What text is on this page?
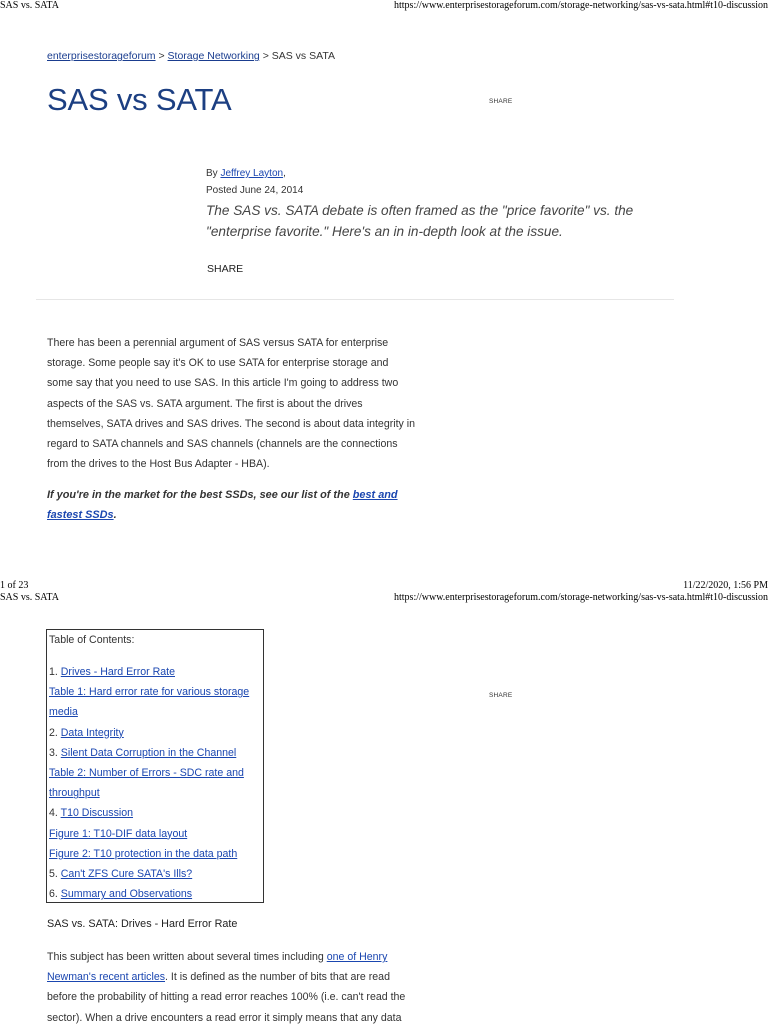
SAS vs. SATA	https://www.enterprisestorageforum.com/storage-networking/sas-vs-sata.html#t10-discussion
enterprisestorageforum > Storage Networking > SAS vs SATA
SAS vs SATA	SHARE
By Jeffrey Layton,
Posted June 24, 2014
The SAS vs. SATA debate is often framed as the "price favorite" vs. the "enterprise favorite." Here's an in in-depth look at the issue.
SHARE
There has been a perennial argument of SAS versus SATA for enterprise storage. Some people say it's OK to use SATA for enterprise storage and some say that you need to use SAS. In this article I'm going to address two aspects of the SAS vs. SATA argument. The first is about the drives themselves, SATA drives and SAS drives. The second is about data integrity in regard to SATA channels and SAS channels (channels are the connections from the drives to the Host Bus Adapter - HBA).
If you're in the market for the best SSDs, see our list of the best and fastest SSDs.
1 of 23	11/22/2020, 1:56 PM
SAS vs. SATA	https://www.enterprisestorageforum.com/storage-networking/sas-vs-sata.html#t10-discussion
SHARE
Table of Contents:
1. Drives - Hard Error Rate
Table 1: Hard error rate for various storage media
2. Data Integrity
3. Silent Data Corruption in the Channel
Table 2: Number of Errors - SDC rate and throughput
4. T10 Discussion
Figure 1: T10-DIF data layout
Figure 2: T10 protection in the data path
5. Can't ZFS Cure SATA's Ills?
6. Summary and Observations
SAS vs. SATA: Drives - Hard Error Rate
This subject has been written about several times including one of Henry Newman's recent articles. It is defined as the number of bits that are read before the probability of hitting a read error reaches 100% (i.e. can't read the sector). When a drive encounters a read error it simply means that any data
